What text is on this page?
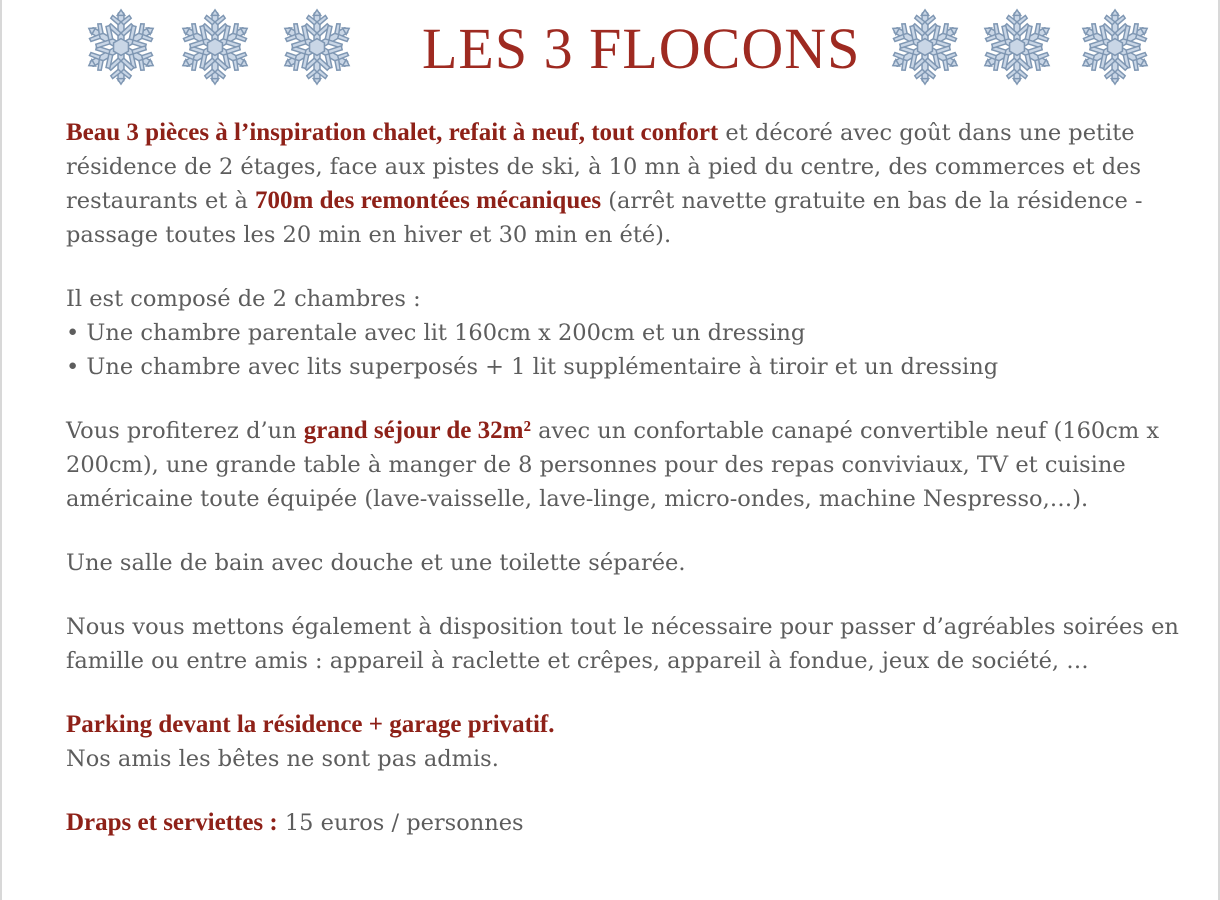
LES 3 FLOCONS

Beau 3 pièces à l’inspiration chalet, refait à neuf, tout confort et décoré avec goût dans une petite résidence de 2 étages, face aux pistes de ski, à 10 mn à pied du centre, des commerces et des restaurants et à 700m des remontées mécaniques (arrêt navette gratuite en bas de la résidence - passage toutes les 20 min en hiver et 30 min en été).

Il est composé de 2 chambres :
• Une chambre parentale avec lit 160cm x 200cm et un dressing
• Une chambre avec lits superposés + 1 lit supplémentaire à tiroir et un dressing

Vous profiterez d’un grand séjour de 32m² avec un confortable canapé convertible neuf (160cm x 200cm), une grande table à manger de 8 personnes pour des repas conviviaux, TV et cuisine américaine toute équipée (lave-vaisselle, lave-linge, micro-ondes, machine Nespresso,…).

Une salle de bain avec douche et une toilette séparée.

Nous vous mettons également à disposition tout le nécessaire pour passer d’agréables soirées en famille ou entre amis : appareil à raclette et crêpes, appareil à fondue, jeux de société, …

Parking devant la résidence + garage privatif.
Nos amis les bêtes ne sont pas admis.

Draps et serviettes : 15 euros / personnes
